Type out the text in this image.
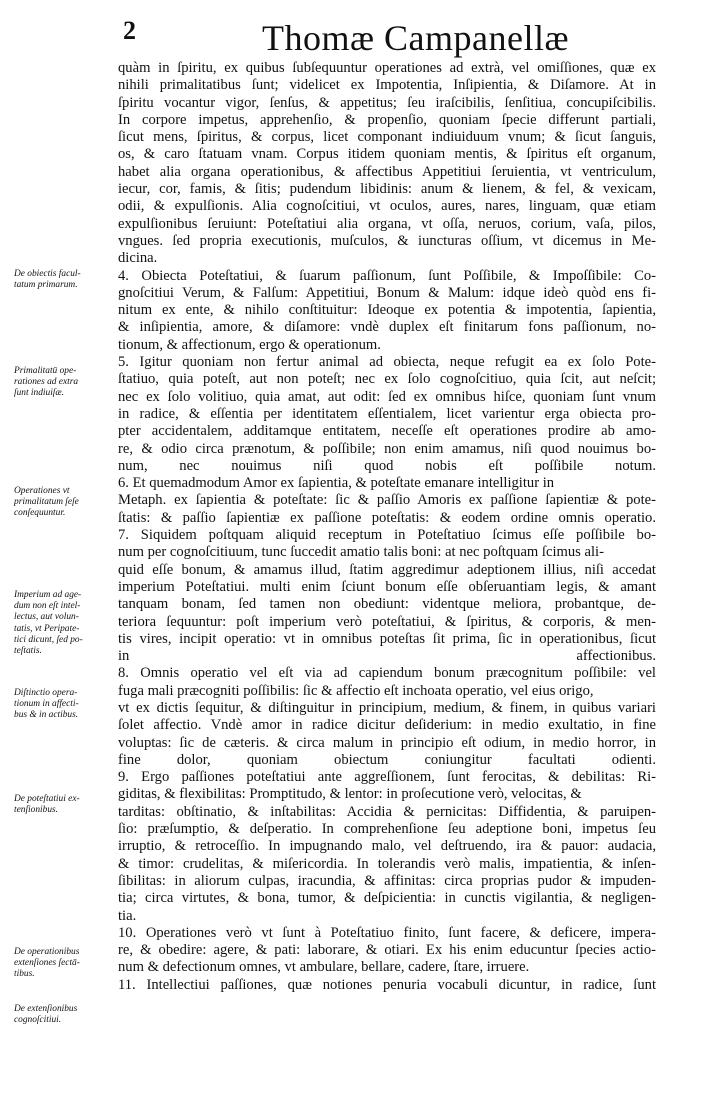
2	Thomæ Campanellæ
quàm in ſpiritu, ex quibus ſubſequuntur operationes ad extrà, vel omiſſiones, quæ ex
nihili primalitatibus ſunt; videlicet ex Impotentia, Inſipientia, & Diſamore. At in
ſpiritu vocantur vigor, ſenſus, & appetitus; ſeu iraſcibilis, ſenſitiua, concupiſcibilis.
In corpore impetus, apprehenſio, & propenſio, quoniam ſpecie differunt partiali,
ſicut mens, ſpiritus, & corpus, licet componant indiuiduum vnum; & ſicut ſanguis,
os, & caro ſtatuam vnam. Corpus itidem quoniam mentis, & ſpiritus eſt organum,
habet alia organa operationibus, & affectibus Appetitiui ſeruientia, vt ventriculum,
iecur, cor, famis, & ſitis; pudendum libidinis: anum & lienem, & fel, & vexicam,
odii, & expulſionis. Alia cognoſcitiui, vt oculos, aures, nares, linguam, quæ etiam
expulſionibus ſeruiunt: Poteſtatiui alia organa, vt oſſa, neruos, corium, vaſa, pilos,
vngues. ſed propria executionis, muſculos, & iuncturas oſſium, vt dicemus in Me-
dicina.
4. Obiecta Poteſtatiui, & ſuarum paſſionum, ſunt Poſſibile, & Impoſſibile: Co-
gnoſcitiui Verum, & Falſum: Appetitiui, Bonum & Malum: idque ideò quòd ens fi-
nitum ex ente, & nihilo conſtituitur: Ideoque ex potentia & impotentia, ſapientia,
& inſipientia, amore, & diſamore: vndè duplex eſt finitarum fons paſſionum, no-
tionum, & affectionum, ergo & operationum.
5. Igitur quoniam non fertur animal ad obiecta, neque refugit ea ex ſolo Pote-
ſtatiuo, quia poteſt, aut non poteſt; nec ex ſolo cognoſcitiuo, quia ſcit, aut neſcit;
nec ex ſolo volitiuo, quia amat, aut odit: ſed ex omnibus hiſce, quoniam ſunt vnum
in radice, & eſſentia per identitatem eſſentialem, licet varientur erga obiecta pro-
pter accidentalem, additamque entitatem, neceſſe eſt operationes prodire ab amo-
re, & odio circa prænotum, & poſſibile; non enim amamus, niſi quod nouimus bo-
num, nec nouimus niſi quod nobis eſt poſſibile notum.
6. Et quemadmodum Amor ex ſapientia, & poteſtate emanare intelligitur in
Metaph. ex ſapientia & poteſtate: ſic & paſſio Amoris ex paſſione ſapientiæ & pote-
ſtatis: & paſſio ſapientiæ ex paſſione poteſtatis: & eodem ordine omnis operatio.
7. Siquidem poſtquam aliquid receptum in Poteſtatiuo ſcimus eſſe poſſibile bo-
num per cognoſcitiuum, tunc ſuccedit amatio talis boni: at nec poſtquam ſcimus ali-
quid eſſe bonum, & amamus illud, ſtatim aggredimur adeptionem illius, niſi accedat
imperium Poteſtatiui. multi enim ſciunt bonum eſſe obſeruantiam legis, & amant
tanquam bonam, ſed tamen non obediunt: videntque meliora, probantque, de-
teriora ſequuntur: poſt imperium verò poteſtatiui, & ſpiritus, & corporis, & men-
tis vires, incipit operatio: vt in omnibus poteſtas ſit prima, ſic in operationibus, ſicut
in affectionibus.
8. Omnis operatio vel eſt via ad capiendum bonum præcognitum poſſibile: vel
fuga mali præcogniti poſſibilis: ſic & affectio eſt inchoata operatio, vel eius origo,
vt ex dictis ſequitur, & diſtinguitur in principium, medium, & finem, in quibus variari
ſolet affectio. Vndè amor in radice dicitur deſiderium: in medio exultatio, in fine
voluptas: ſic de cæteris. & circa malum in principio eſt odium, in medio horror, in
fine dolor, quoniam obiectum coniungitur facultati odienti.
9. Ergo paſſiones poteſtatiui ante aggreſſionem, ſunt ferocitas, & debilitas: Ri-
giditas, & flexibilitas: Promptitudo, & lentor: in proſecutione verò, velocitas, &
tarditas: obſtinatio, & inſtabilitas: Accidia & pernicitas: Diffidentia, & paruipen-
ſio: præſumptio, & deſperatio. In comprehenſione ſeu adeptione boni, impetus ſeu
irruptio, & retroceſſio. In impugnando malo, vel deſtruendo, ira & pauor: audacia,
& timor: crudelitas, & miſericordia. In tolerandis verò malis, impatientia, & inſen-
ſibilitas: in aliorum culpas, iracundia, & affinitas: circa proprias pudor & impuden-
tia; circa virtutes, & bona, tumor, & deſpicientia: in cunctis vigilantia, & negligen-
tia.
10. Operationes verò vt ſunt à Poteſtatiuo finito, ſunt facere, & deficere, impera-
re, & obedire: agere, & pati: laborare, & otiari. Ex his enim educuntur ſpecies actio-
num & defectionum omnes, vt ambulare, bellare, cadere, ſtare, irruere.
11. Intellectiui paſſiones, quæ notiones penuria vocabuli dicuntur, in radice, ſunt
De obiectis facul-
tatum primarum.
Primalitatū ope-
rationes ad extra
ſunt indiuiſæ.
Operationes vt
primalitatum ſeſe
conſequuntur.
Imperium ad age-
dum non eſt intel-
lectus, aut volun-
tatis, vt Peripate-
tici dicunt, ſed po-
teſtatis.
Diſtinctio opera-
tionum in affecti-
bus & in actibus.
De poteſtatiui ex-
tenſionibus.
De operationibus
extenſiones ſectā-
tibus.
De extenſionibus
cognoſcitiui.
